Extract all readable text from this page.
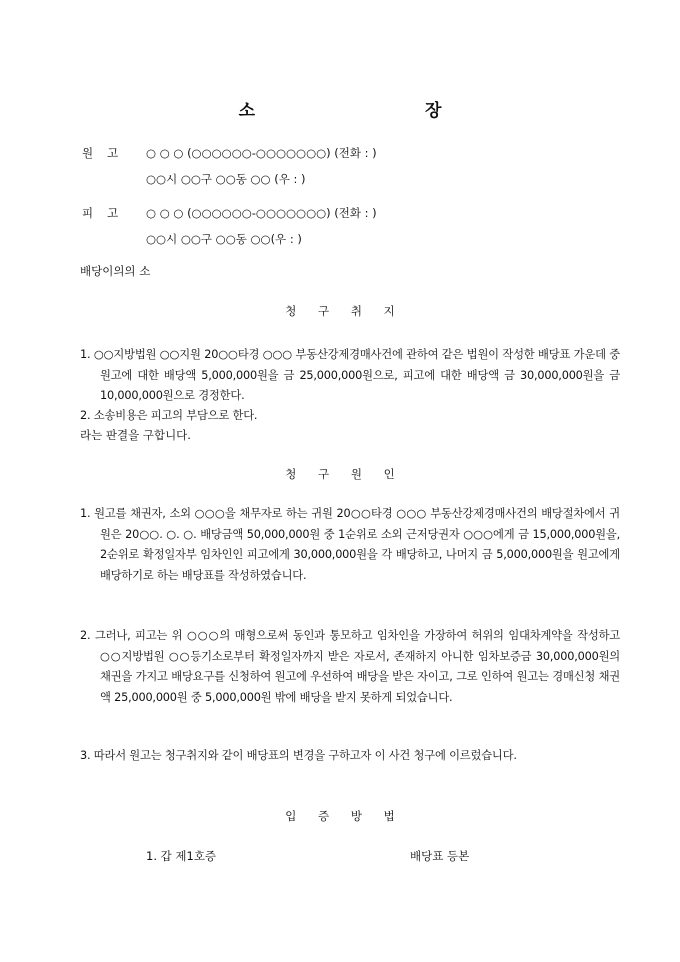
소 장
원고 ○ ○ ○ (○○○○○○-○○○○○○○) (전화 : )
○○시 ○○구 ○○동 ○○ (우 : )
피고 ○ ○ ○ (○○○○○○-○○○○○○○) (전화 : )
○○시 ○○구 ○○동 ○○(우 : )
배당이의의 소
청 구 취 지
1. ○○지방법원 ○○지원 20○○타경 ○○○ 부동산강제경매사건에 관하여 같은 법원이 작성한 배당표 가운데 중 원고에 대한 배당액 5,000,000원을 금 25,000,000원으로, 피고에 대한 배당액 금 30,000,000원을 금 10,000,000원으로 경정한다.
2. 소송비용은 피고의 부담으로 한다.
라는 판결을 구합니다.
청 구 원 인
1. 원고를 채권자, 소외 ○○○을 채무자로 하는 귀원 20○○타경 ○○○ 부동산강제경매사건의 배당절차에서 귀원은 20○○. ○. ○. 배당금액 50,000,000원 중 1순위로 소외 근저당권자 ○○○에게 금 15,000,000원을, 2순위로 확정일자부 임차인인 피고에게 30,000,000원을 각 배당하고, 나머지 금 5,000,000원을 원고에게 배당하기로 하는 배당표를 작성하였습니다.
2. 그러나, 피고는 위 ○○○의 매형으로써 동인과 통모하고 임차인을 가장하여 허위의 임대차계약을 작성하고 ○○지방법원 ○○등기소로부터 확정일자까지 받은 자로서, 존재하지 아니한 임차보증금 30,000,000원의 채권을 가지고 배당요구를 신청하여 원고에 우선하여 배당을 받은 자이고, 그로 인하여 원고는 경매신청 채권액 25,000,000원 중 5,000,000원 밖에 배당을 받지 못하게 되었습니다.
3. 따라서 원고는 청구취지와 같이 배당표의 변경을 구하고자 이 사건 청구에 이르렀습니다.
입 증 방 법
1. 갑 제1호증	배당표 등본
